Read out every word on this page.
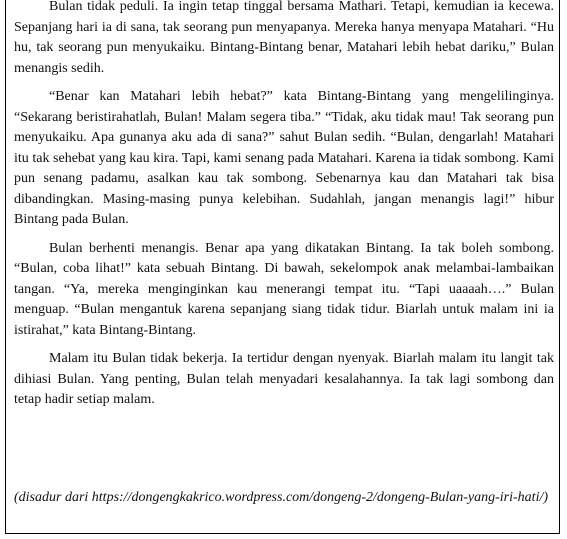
Bulan tidak peduli. Ia ingin tetap tinggal bersama Mathari. Tetapi, kemudian ia kecewa. Sepanjang hari ia di sana, tak seorang pun menyapanya. Mereka hanya menyapa Matahari. “Hu hu, tak seorang pun menyukaiku. Bintang-Bintang benar, Matahari lebih hebat dariku,” Bulan menangis sedih.

“Benar kan Matahari lebih hebat?” kata Bintang-Bintang yang mengelilinginya. “Sekarang beristirahatlah, Bulan! Malam segera tiba.” “Tidak, aku tidak mau! Tak seorang pun menyukaiku. Apa gunanya aku ada di sana?” sahut Bulan sedih. “Bulan, dengarlah! Matahari itu tak sehebat yang kau kira. Tapi, kami senang pada Matahari. Karena ia tidak sombong. Kami pun senang padamu, asalkan kau tak sombong. Sebenarnya kau dan Matahari tak bisa dibandingkan. Masing-masing punya kelebihan. Sudahlah, jangan menangis lagi!” hibur Bintang pada Bulan.

Bulan berhenti menangis. Benar apa yang dikatakan Bintang. Ia tak boleh sombong. “Bulan, coba lihat!” kata sebuah Bintang. Di bawah, sekelompok anak melambai-lambaikan tangan. “Ya, mereka menginginkan kau menerangi tempat itu. “Tapi uaaaah….” Bulan menguap. “Bulan mengantuk karena sepanjang siang tidak tidur. Biarlah untuk malam ini ia istirahat,” kata Bintang-Bintang.

Malam itu Bulan tidak bekerja. Ia tertidur dengan nyenyak. Biarlah malam itu langit tak dihiasi Bulan. Yang penting, Bulan telah menyadari kesalahannya. Ia tak lagi sombong dan tetap hadir setiap malam.

(disadur dari https://dongengkakrico.wordpress.com/dongeng-2/dongeng-Bulan-yang-iri-hati/)
